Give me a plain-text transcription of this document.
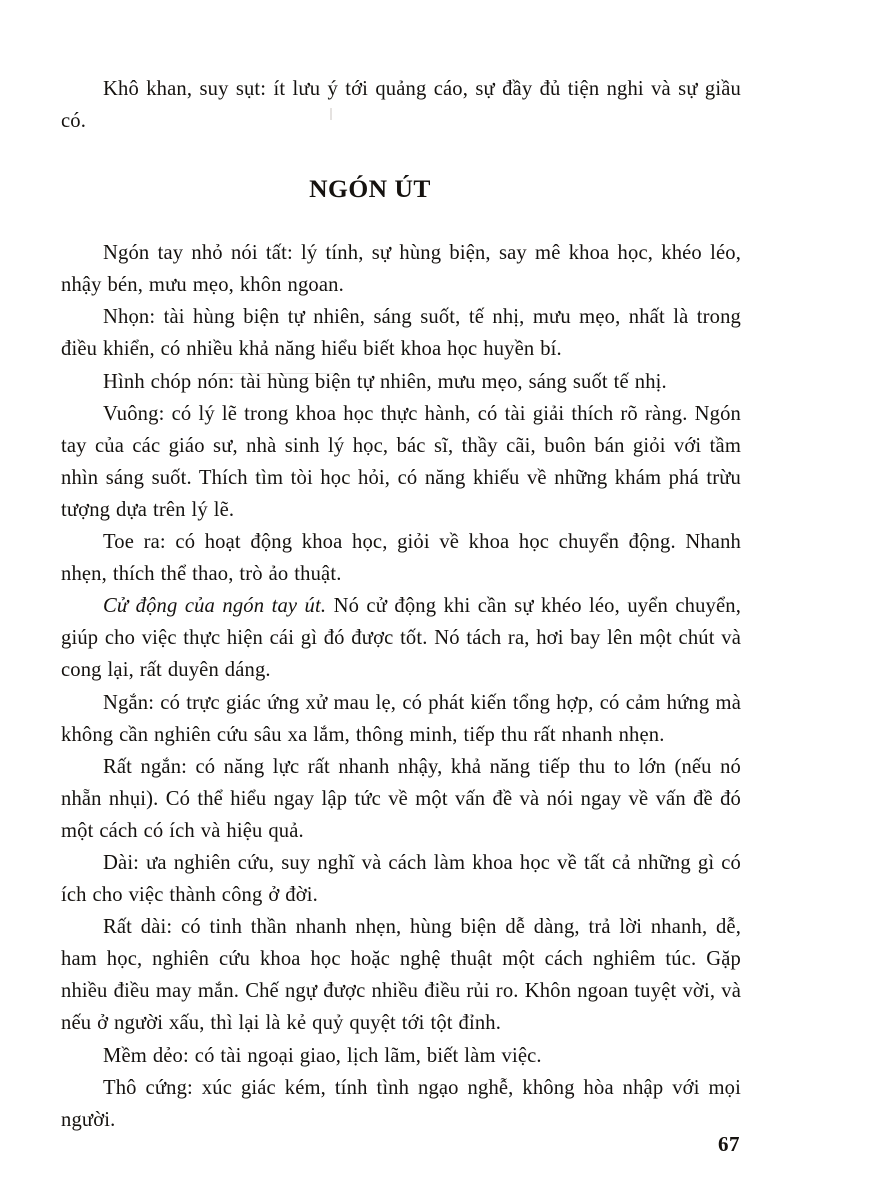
Khô khan, suy sụt: ít lưu ý tới quảng cáo, sự đầy đủ tiện nghi và sự giầu có.

NGÓN ÚT

Ngón tay nhỏ nói tất: lý tính, sự hùng biện, say mê khoa học, khéo léo, nhậy bén, mưu mẹo, khôn ngoan.

Nhọn: tài hùng biện tự nhiên, sáng suốt, tế nhị, mưu mẹo, nhất là trong điều khiển, có nhiều khả năng hiểu biết khoa học huyền bí.

Hình chóp nón: tài hùng biện tự nhiên, mưu mẹo, sáng suốt tế nhị.

Vuông: có lý lẽ trong khoa học thực hành, có tài giải thích rõ ràng. Ngón tay của các giáo sư, nhà sinh lý học, bác sĩ, thầy cãi, buôn bán giỏi với tầm nhìn sáng suốt. Thích tìm tòi học hỏi, có năng khiếu về những khám phá trừu tượng dựa trên lý lẽ.

Toe ra: có hoạt động khoa học, giỏi về khoa học chuyển động. Nhanh nhẹn, thích thể thao, trò ảo thuật.

Cử động của ngón tay út. Nó cử động khi cần sự khéo léo, uyển chuyển, giúp cho việc thực hiện cái gì đó được tốt. Nó tách ra, hơi bay lên một chút và cong lại, rất duyên dáng.

Ngắn: có trực giác ứng xử mau lẹ, có phát kiến tổng hợp, có cảm hứng mà không cần nghiên cứu sâu xa lắm, thông minh, tiếp thu rất nhanh nhẹn.

Rất ngắn: có năng lực rất nhanh nhậy, khả năng tiếp thu to lớn (nếu nó nhẵn nhụi). Có thể hiểu ngay lập tức về một vấn đề và nói ngay về vấn đề đó một cách có ích và hiệu quả.

Dài: ưa nghiên cứu, suy nghĩ và cách làm khoa học về tất cả những gì có ích cho việc thành công ở đời.

Rất dài: có tinh thần nhanh nhẹn, hùng biện dễ dàng, trả lời nhanh, dễ, ham học, nghiên cứu khoa học hoặc nghệ thuật một cách nghiêm túc. Gặp nhiều điều may mắn. Chế ngự được nhiều điều rủi ro. Khôn ngoan tuyệt vời, và nếu ở người xấu, thì lại là kẻ quỷ quyệt tới tột đỉnh.

Mềm dẻo: có tài ngoại giao, lịch lãm, biết làm việc.

Thô cứng: xúc giác kém, tính tình ngạo nghễ, không hòa nhập với mọi người.

67
